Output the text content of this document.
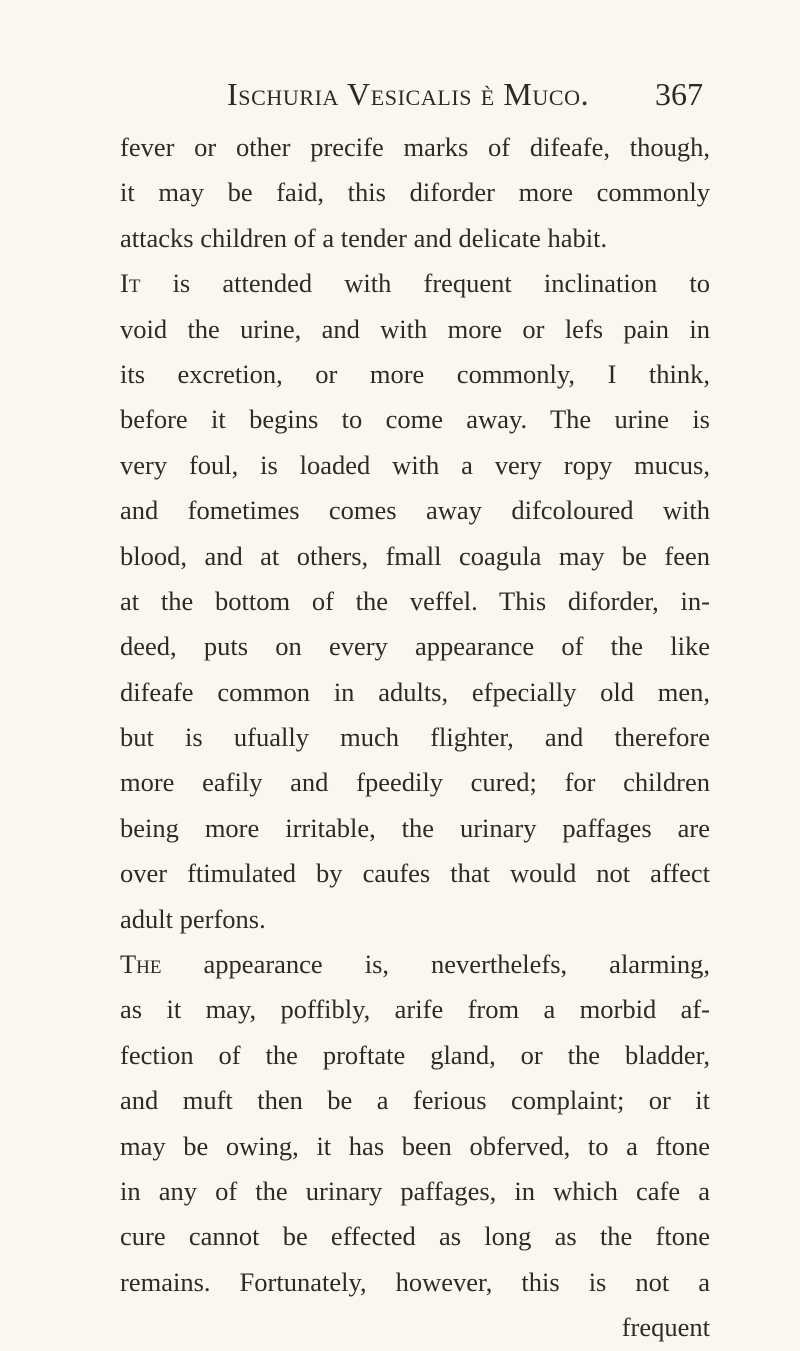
Ischuria Vesicalis è Muco. 367
fever or other precife marks of difeafe, though,
it may be faid, this diforder more commonly
attacks children of a tender and delicate habit.
It is attended with frequent inclination to
void the urine, and with more or lefs pain in
its excretion, or more commonly, I think,
before it begins to come away. The urine is
very foul, is loaded with a very ropy mucus,
and fometimes comes away difcoloured with
blood, and at others, fmall coagula may be feen
at the bottom of the veffel. This diforder, in-
deed, puts on every appearance of the like
difeafe common in adults, efpecially old men,
but is ufually much flighter, and therefore
more eafily and fpeedily cured; for children
being more irritable, the urinary paffages are
over ftimulated by caufes that would not affect
adult perfons.
The appearance is, neverthelefs, alarming,
as it may, poffibly, arife from a morbid af-
fection of the proftate gland, or the bladder,
and muft then be a ferious complaint; or it
may be owing, it has been obferved, to a ftone
in any of the urinary paffages, in which cafe a
cure cannot be effected as long as the ftone
remains. Fortunately, however, this is not a
frequent
